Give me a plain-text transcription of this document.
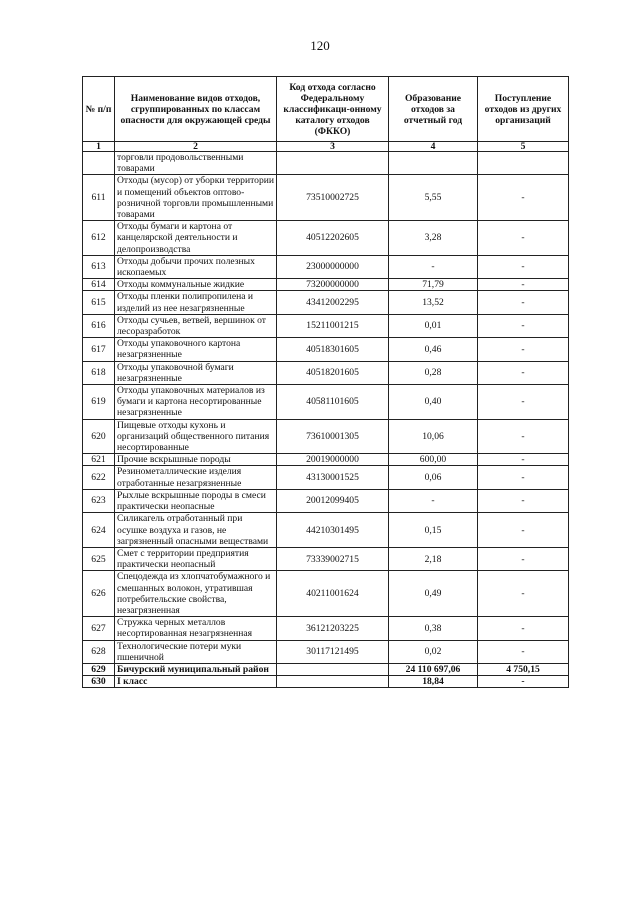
120
№ п/п	Наименование видов отходов, сгруппированных по классам опасности для окружающей среды	Код отхода согласно Федеральному классификаци-онному каталогу отходов (ФККО)	Образование отходов за отчетный год	Поступление отходов из других организаций
1	2	3	4	5
	торговли продовольственными товарами			
611	Отходы (мусор) от уборки территории и помещений объектов оптово-розничной торговли промышленными товарами	73510002725	5,55	-
612	Отходы бумаги и картона от канцелярской деятельности и делопроизводства	40512202605	3,28	-
613	Отходы добычи прочих полезных ископаемых	23000000000	-	-
614	Отходы коммунальные жидкие	73200000000	71,79	-
615	Отходы пленки полипропилена и изделий из нее незагрязненные	43412002295	13,52	-
616	Отходы сучьев, ветвей, вершинок от лесоразработок	15211001215	0,01	-
617	Отходы упаковочного картона незагрязненные	40518301605	0,46	-
618	Отходы упаковочной бумаги незагрязненные	40518201605	0,28	-
619	Отходы упаковочных материалов из бумаги и картона несортированные незагрязненные	40581101605	0,40	-
620	Пищевые отходы кухонь и организаций общественного питания несортированные	73610001305	10,06	-
621	Прочие вскрышные породы	20019000000	600,00	-
622	Резинометаллические изделия отработанные незагрязненные	43130001525	0,06	-
623	Рыхлые вскрышные породы в смеси практически неопасные	20012099405	-	-
624	Силикагель отработанный при осушке воздуха и газов, не загрязненный опасными веществами	44210301495	0,15	-
625	Смет с территории предприятия практически неопасный	73339002715	2,18	-
626	Спецодежда из хлопчатобумажного и смешанных волокон, утратившая потребительские свойства, незагрязненная	40211001624	0,49	-
627	Стружка черных металлов несортированная незагрязненная	36121203225	0,38	-
628	Технологические потери муки пшеничной	30117121495	0,02	-
629	Бичурский муниципальный район		24 110 697,06	4 750,15
630	I класс		18,84	-
